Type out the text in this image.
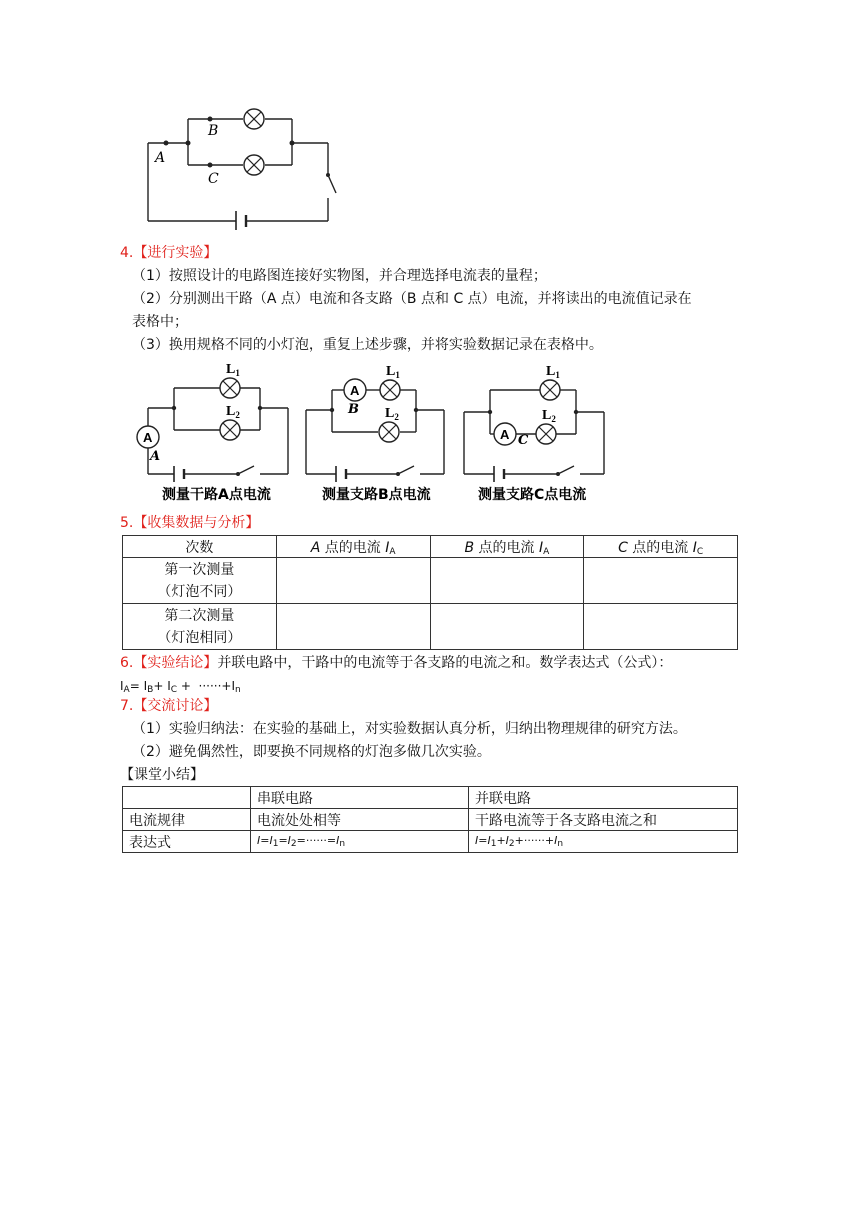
A
B
C
4.【进行实验】
（1）按照设计的电路图连接好实物图，并合理选择电流表的量程；
（2）分别测出干路（A 点）电流和各支路（B 点和 C 点）电流，并将读出的电流值记录在
表格中；
（3）换用规格不同的小灯泡，重复上述步骤，并将实验数据记录在表格中。
A
$L_1$
$L_2$
A
测量干路A点电流
A
$L_1$
$L_2$
B
测量支路B点电流
A
$L_1$
$L_2$
C
测量支路C点电流
5.【收集数据与分析】
次数	A 点的电流 $I_A$	B 点的电流 $I_A$	C 点的电流 $I_C$

第一次测量
（灯泡不同）			

第二次测量
（灯泡相同）			

6.【实验结论】并联电路中，干路中的电流等于各支路的电流之和。数学表达式（公式）：
$I_A= I_B+ I_C + \cdot\cdot\cdot\cdot\cdot\cdot+I_n$
7.【交流讨论】
（1）实验归纳法：在实验的基础上，对实验数据认真分析，归纳出物理规律的研究方法。
（2）避免偶然性，即要换不同规格的灯泡多做几次实验。
【课堂小结】
	串联电路	并联电路
电流规律	电流处处相等	干路电流等于各支路电流之和
表达式	$I=I_1=I_2=\cdot\cdot\cdot\cdot\cdot\cdot=I_n$	$I=I_1+I_2+\cdot\cdot\cdot\cdot\cdot\cdot+I_n$
